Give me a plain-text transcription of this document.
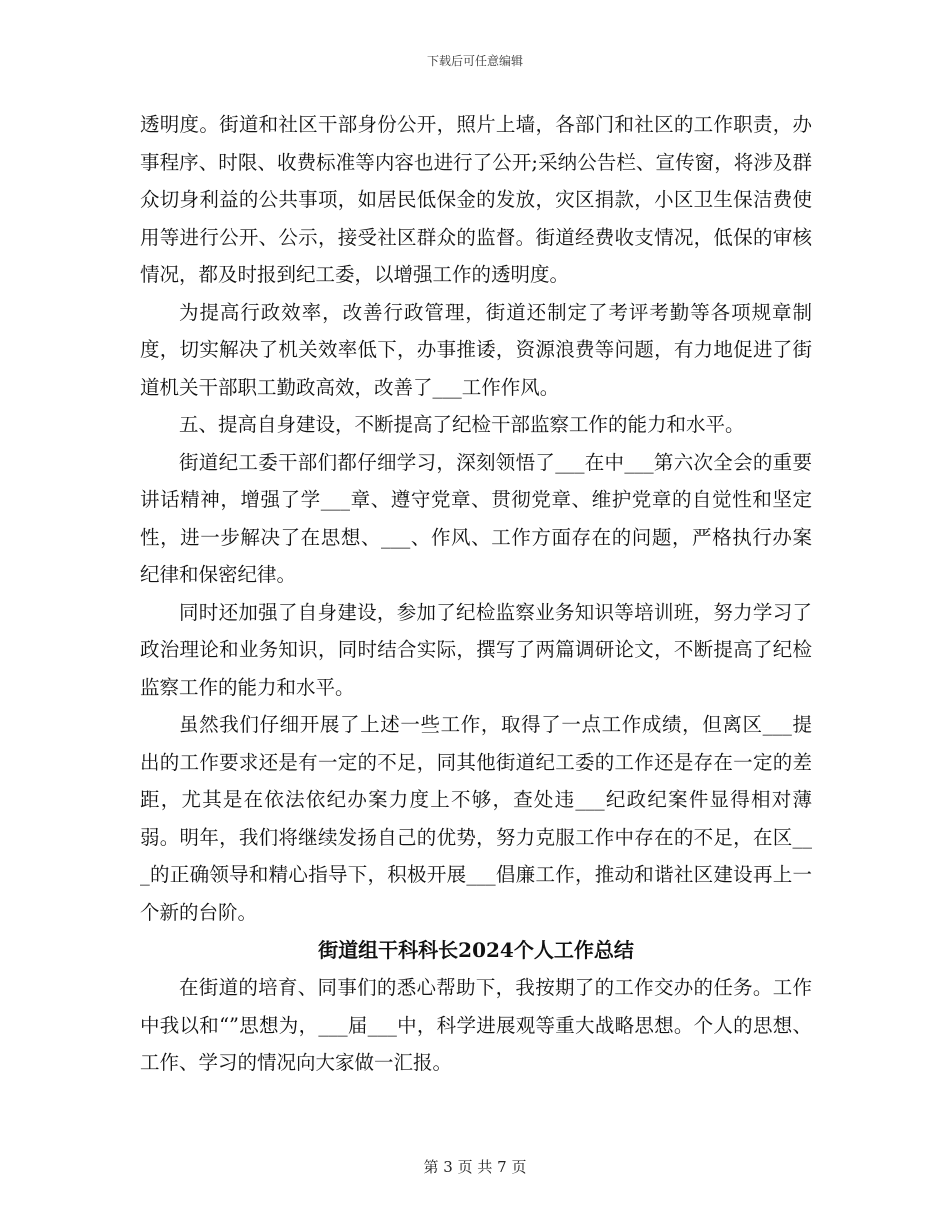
下载后可任意编辑

透明度。街道和社区干部身份公开，照片上墙，各部门和社区的工作职责，办事程序、时限、收费标准等内容也进行了公开;采纳公告栏、宣传窗，将涉及群众切身利益的公共事项，如居民低保金的发放，灾区捐款，小区卫生保洁费使用等进行公开、公示，接受社区群众的监督。街道经费收支情况，低保的审核情况，都及时报到纪工委，以增强工作的透明度。

为提高行政效率，改善行政管理，街道还制定了考评考勤等各项规章制度，切实解决了机关效率低下，办事推诿，资源浪费等问题，有力地促进了街道机关干部职工勤政高效，改善了___工作作风。

五、提高自身建设，不断提高了纪检干部监察工作的能力和水平。

街道纪工委干部们都仔细学习，深刻领悟了___在中___第六次全会的重要讲话精神，增强了学___章、遵守党章、贯彻党章、维护党章的自觉性和坚定性，进一步解决了在思想、___、作风、工作方面存在的问题，严格执行办案纪律和保密纪律。

同时还加强了自身建设，参加了纪检监察业务知识等培训班，努力学习了政治理论和业务知识，同时结合实际，撰写了两篇调研论文，不断提高了纪检监察工作的能力和水平。

虽然我们仔细开展了上述一些工作，取得了一点工作成绩，但离区___提出的工作要求还是有一定的不足，同其他街道纪工委的工作还是存在一定的差距，尤其是在依法依纪办案力度上不够，查处违___纪政纪案件显得相对薄弱。明年，我们将继续发扬自己的优势，努力克服工作中存在的不足，在区___的正确领导和精心指导下，积极开展___倡廉工作，推动和谐社区建设再上一个新的台阶。

街道组干科科长2024个人工作总结

在街道的培育、同事们的悉心帮助下，我按期了的工作交办的任务。工作中我以和“”思想为，___届___中，科学进展观等重大战略思想。个人的思想、工作、学习的情况向大家做一汇报。

第 3 页 共 7 页
